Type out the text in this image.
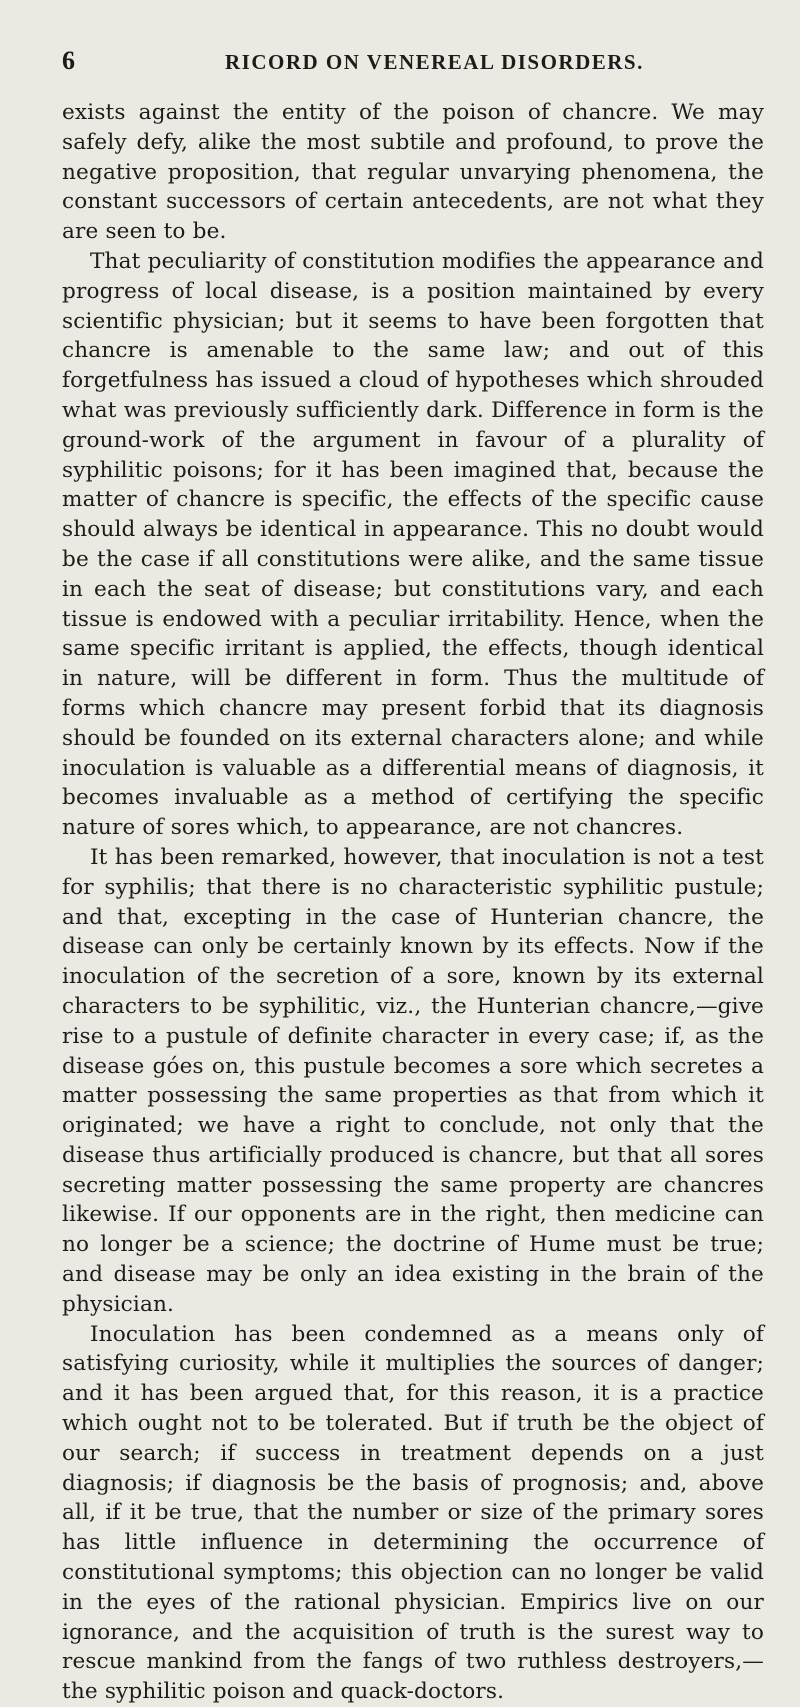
6	RICORD ON VENEREAL DISORDERS.

exists against the entity of the poison of chancre. We may safely defy, alike the most subtile and profound, to prove the negative proposition, that regular unvarying phenomena, the constant successors of certain antecedents, are not what they are seen to be.

That peculiarity of constitution modifies the appearance and progress of local disease, is a position maintained by every scientific physician; but it seems to have been forgotten that chancre is amenable to the same law; and out of this forgetfulness has issued a cloud of hypotheses which shrouded what was previously sufficiently dark. Difference in form is the ground-work of the argument in favour of a plurality of syphilitic poisons; for it has been imagined that, because the matter of chancre is specific, the effects of the specific cause should always be identical in appearance. This no doubt would be the case if all constitutions were alike, and the same tissue in each the seat of disease; but constitutions vary, and each tissue is endowed with a peculiar irritability. Hence, when the same specific irritant is applied, the effects, though identical in nature, will be different in form. Thus the multitude of forms which chancre may present forbid that its diagnosis should be founded on its external characters alone; and while inoculation is valuable as a differential means of diagnosis, it becomes invaluable as a method of certifying the specific nature of sores which, to appearance, are not chancres.

It has been remarked, however, that inoculation is not a test for syphilis; that there is no characteristic syphilitic pustule; and that, excepting in the case of Hunterian chancre, the disease can only be certainly known by its effects. Now if the inoculation of the secretion of a sore, known by its external characters to be syphilitic, viz., the Hunterian chancre,—give rise to a pustule of definite character in every case; if, as the disease góes on, this pustule becomes a sore which secretes a matter possessing the same properties as that from which it originated; we have a right to conclude, not only that the disease thus artificially produced is chancre, but that all sores secreting matter possessing the same property are chancres likewise. If our opponents are in the right, then medicine can no longer be a science; the doctrine of Hume must be true; and disease may be only an idea existing in the brain of the physician.

Inoculation has been condemned as a means only of satisfying curiosity, while it multiplies the sources of danger; and it has been argued that, for this reason, it is a practice which ought not to be tolerated. But if truth be the object of our search; if success in treatment depends on a just diagnosis; if diagnosis be the basis of prognosis; and, above all, if it be true, that the number or size of the primary sores has little influence in determining the occurrence of constitutional symptoms; this objection can no longer be valid in the eyes of the rational physician. Empirics live on our ignorance, and the acquisition of truth is the surest way to rescue mankind from the fangs of two ruthless destroyers,—the syphilitic poison and quack-doctors.
